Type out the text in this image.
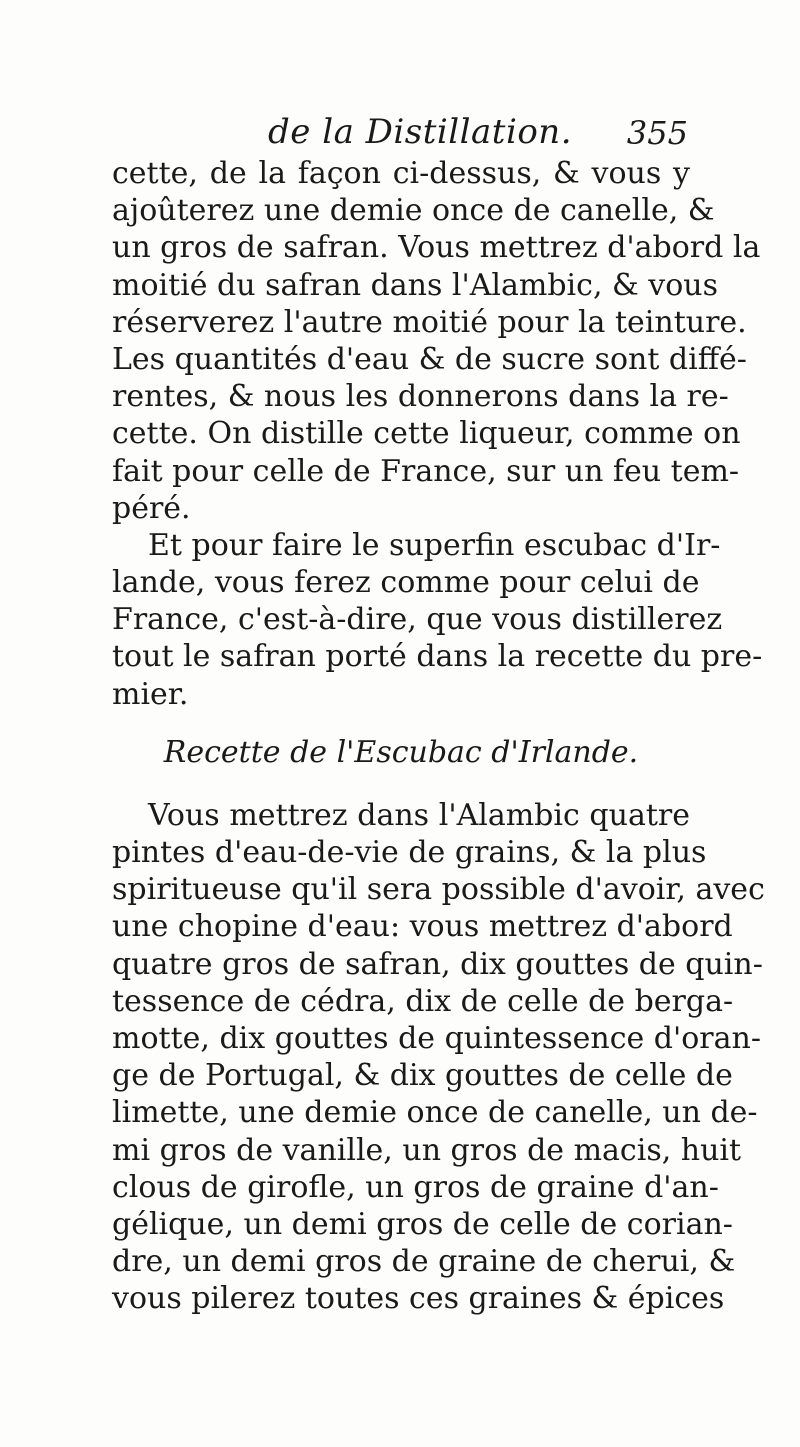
de la Distillation. 355
cette, de la façon ci-dessus, & vous y
ajoûterez une demie once de canelle, &
un gros de safran. Vous mettrez d'abord la
moitié du safran dans l'Alambic, & vous
réserverez l'autre moitié pour la teinture.
Les quantités d'eau & de sucre sont diffé-
rentes, & nous les donnerons dans la re-
cette. On distille cette liqueur, comme on
fait pour celle de France, sur un feu tem-
péré.
Et pour faire le superfin escubac d'Ir-
lande, vous ferez comme pour celui de
France, c'est-à-dire, que vous distillerez
tout le safran porté dans la recette du pre-
mier.
Recette de l'Escubac d'Irlande.
Vous mettrez dans l'Alambic quatre
pintes d'eau-de-vie de grains, & la plus
spiritueuse qu'il sera possible d'avoir, avec
une chopine d'eau: vous mettrez d'abord
quatre gros de safran, dix gouttes de quin-
tessence de cédra, dix de celle de berga-
motte, dix gouttes de quintessence d'oran-
ge de Portugal, & dix gouttes de celle de
limette, une demie once de canelle, un de-
mi gros de vanille, un gros de macis, huit
clous de girofle, un gros de graine d'an-
gélique, un demi gros de celle de corian-
dre, un demi gros de graine de cherui, &
vous pilerez toutes ces graines & épices
